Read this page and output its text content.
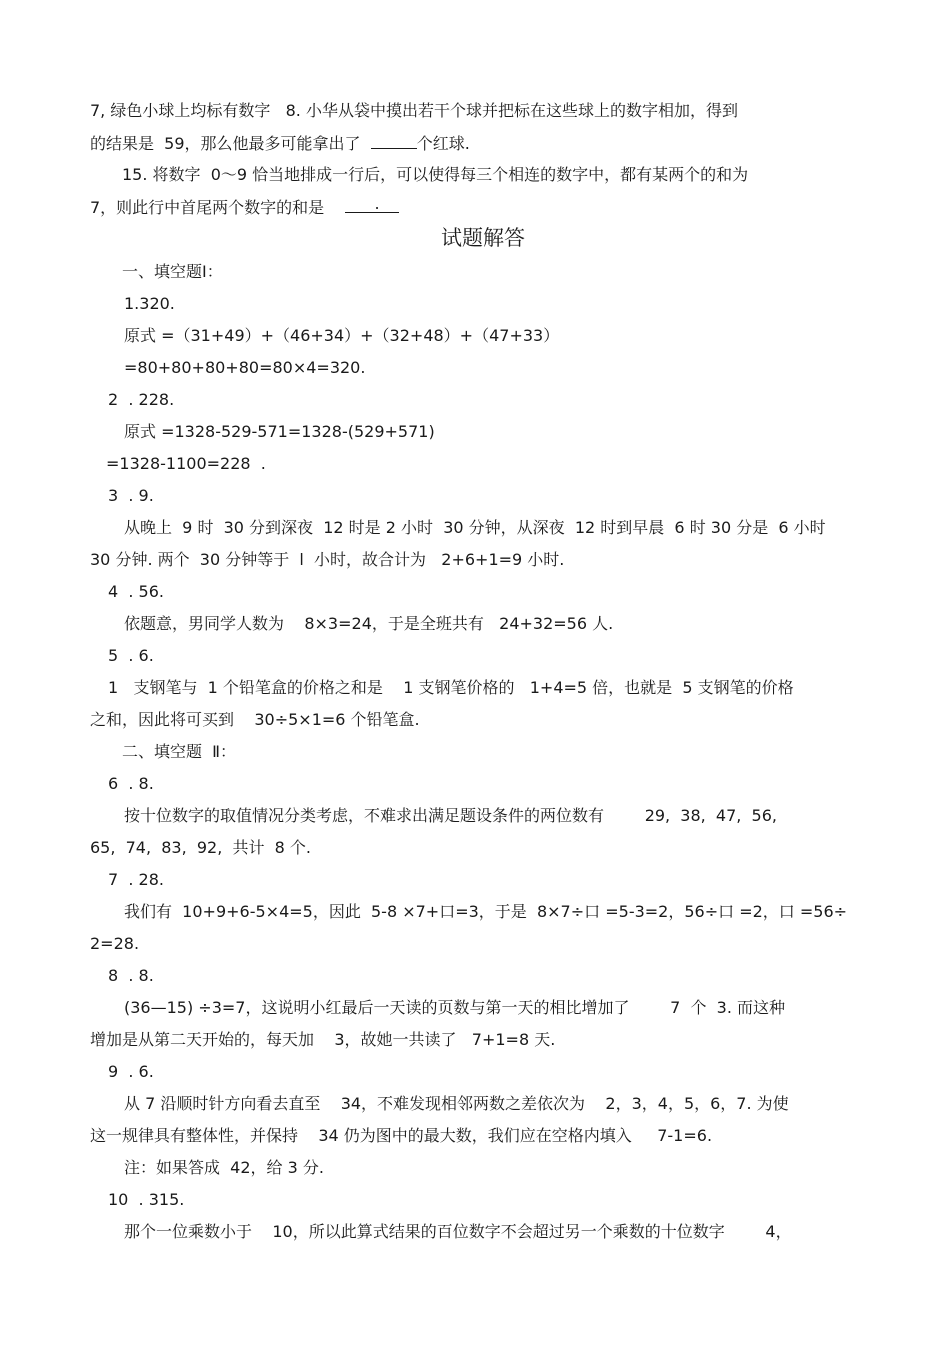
7, 绿色小球上均标有数字   8. 小华从袋中摸出若干个球并把标在这些球上的数字相加，得到
的结果是  59，那么他最多可能拿出了	个红球.
15. 将数字  0～9 恰当地排成一行后，可以使得每三个相连的数字中，都有某两个的和为
7，则此行中首尾两个数字的和是 .
试题解答
一、填空题Ⅰ：
1.320.
原式 =（31+49）+（46+34）+（32+48）+（47+33）
=80+80+80+80=80×4=320.
2  . 228.
原式 =1328-529-571=1328-(529+571)
=1328-1100=228  .
3  . 9.
从晚上  9 时  30 分到深夜  12 时是 2 小时  30 分钟，从深夜  12 时到早晨  6 时 30 分是  6 小时
30 分钟. 两个  30 分钟等于  l  小时，故合计为   2+6+1=9 小时.
4  . 56.
依题意，男同学人数为    8×3=24，于是全班共有   24+32=56 人.
5  . 6.
1   支钢笔与  1 个铅笔盒的价格之和是    1 支钢笔价格的   1+4=5 倍，也就是  5 支钢笔的价格
之和，因此将可买到    30÷5×1=6 个铅笔盒.
二、填空题  Ⅱ：
6  . 8.
按十位数字的取值情况分类考虑，不难求出满足题设条件的两位数有        29,  38,  47,  56,
65,  74,  83,  92,  共计  8 个.
7  . 28.
我们有  10+9+6-5×4=5，因此  5-8 ×7+口=3，于是  8×7÷口 =5-3=2，56÷口 =2，口 =56÷
2=28.
8  . 8.
(36—15) ÷3=7，这说明小红最后一天读的页数与第一天的相比增加了        7  个  3. 而这种
增加是从第二天开始的，每天加    3，故她一共读了   7+1=8 天.
9  . 6.
从 7 沿顺时针方向看去直至    34，不难发现相邻两数之差依次为    2，3，4，5，6，7. 为使
这一规律具有整体性，并保持    34 仍为图中的最大数，我们应在空格内填入     7-1=6.
注：如果答成  42，给 3 分.
10  . 315.
那个一位乘数小于    10，所以此算式结果的百位数字不会超过另一个乘数的十位数字        4，
